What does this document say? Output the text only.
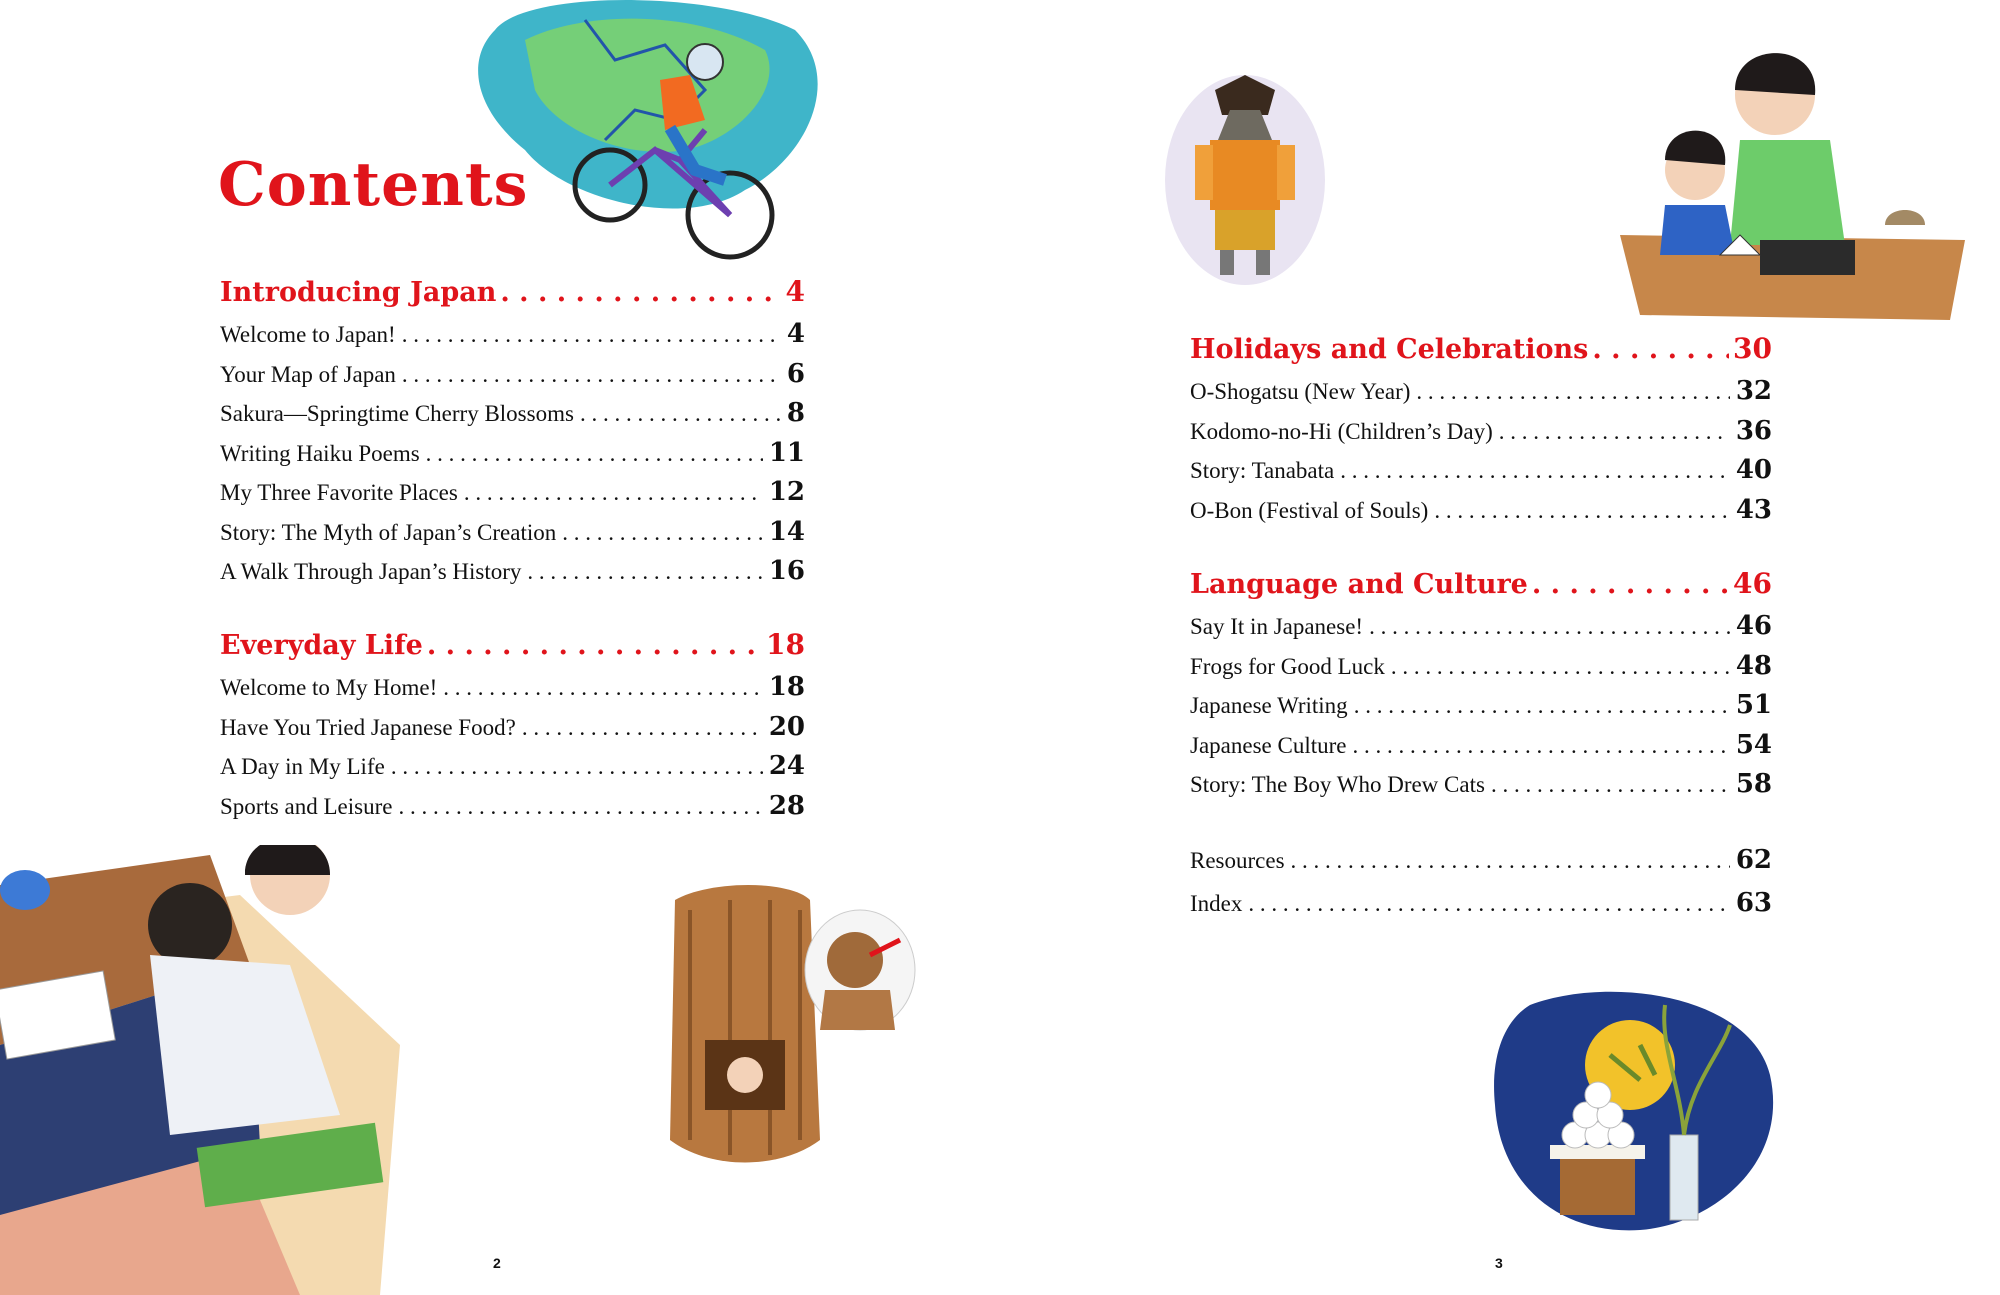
Contents
Introducing Japan . . .	4
Welcome to Japan! . . .	4
Your Map of Japan . . .	6
Sakura—Springtime Cherry Blossoms . . .	8
Writing Haiku Poems . . .	11
My Three Favorite Places . . .	12
Story: The Myth of Japan’s Creation . . .	14
A Walk Through Japan’s History . . .	16
Everyday Life . . .	18
Welcome to My Home! . . .	18
Have You Tried Japanese Food? . . .	20
A Day in My Life . . .	24
Sports and Leisure . . .	28
2
Holidays and Celebrations . . .	30
O-Shogatsu (New Year) . . .	32
Kodomo-no-Hi (Children’s Day) . . .	36
Story: Tanabata . . .	40
O-Bon (Festival of Souls) . . .	43
Language and Culture . . .	46
Say It in Japanese! . . .	46
Frogs for Good Luck . . .	48
Japanese Writing . . .	51
Japanese Culture . . .	54
Story: The Boy Who Drew Cats . . .	58
Resources . . .	62
Index . . .	63
3
